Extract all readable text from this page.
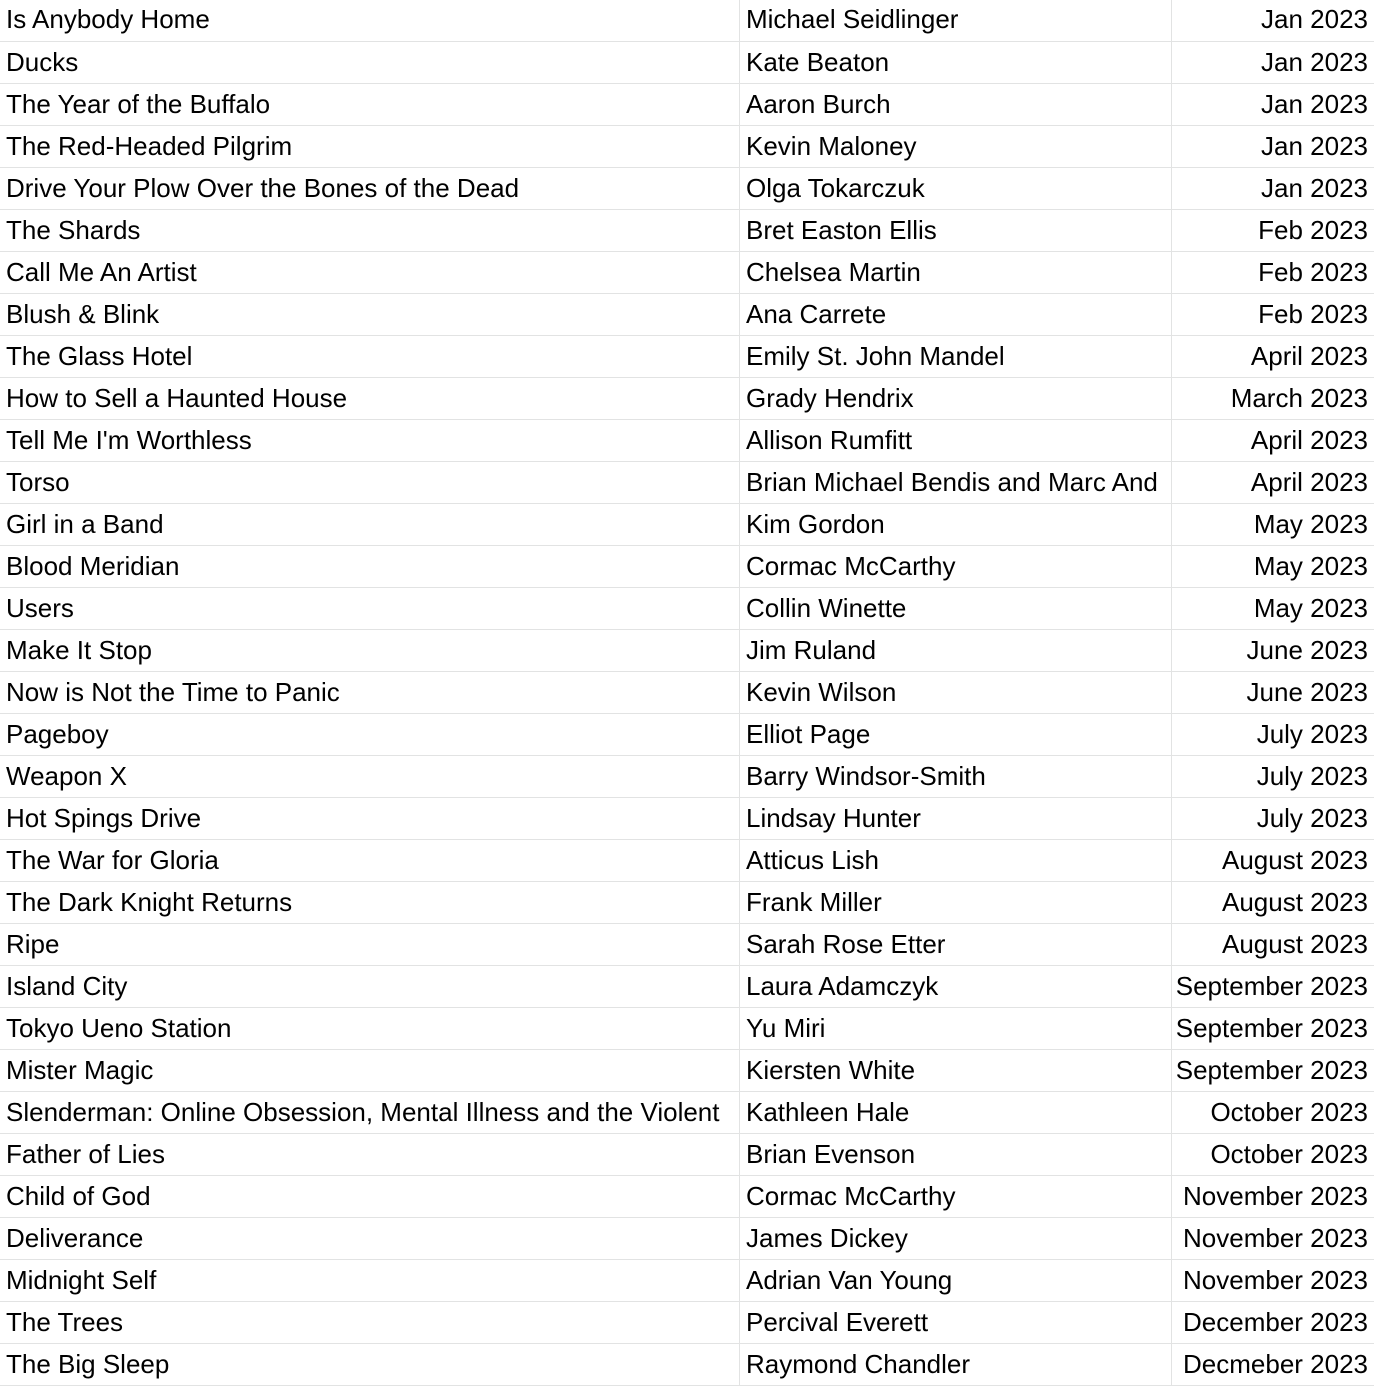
Is Anybody Home	Michael Seidlinger	Jan 2023
Ducks	Kate Beaton	Jan 2023
The Year of the Buffalo	Aaron Burch	Jan 2023
The Red-Headed Pilgrim	Kevin Maloney	Jan 2023
Drive Your Plow Over the Bones of the Dead	Olga Tokarczuk	Jan 2023
The Shards	Bret Easton Ellis	Feb 2023
Call Me An Artist	Chelsea Martin	Feb 2023
Blush & Blink	Ana Carrete	Feb 2023
The Glass Hotel	Emily St. John Mandel	April 2023
How to Sell a Haunted House	Grady Hendrix	March 2023
Tell Me I'm Worthless	Allison Rumfitt	April 2023
Torso	Brian Michael Bendis and Marc And	April 2023
Girl in a Band	Kim Gordon	May 2023
Blood Meridian	Cormac McCarthy	May 2023
Users	Collin Winette	May 2023
Make It Stop	Jim Ruland	June 2023
Now is Not the Time to Panic	Kevin Wilson	June 2023
Pageboy	Elliot Page	July 2023
Weapon X	Barry Windsor-Smith	July 2023
Hot Spings Drive	Lindsay Hunter	July 2023
The War for Gloria	Atticus Lish	August 2023
The Dark Knight Returns	Frank Miller	August 2023
Ripe	Sarah Rose Etter	August 2023
Island City	Laura Adamczyk	September 2023
Tokyo Ueno Station	Yu Miri	September 2023
Mister Magic	Kiersten White	September 2023
Slenderman: Online Obsession, Mental Illness and the Violent	Kathleen Hale	October 2023
Father of Lies	Brian Evenson	October 2023
Child of God	Cormac McCarthy	November 2023
Deliverance	James Dickey	November 2023
Midnight Self	Adrian Van Young	November 2023
The Trees	Percival Everett	December 2023
The Big Sleep	Raymond Chandler	Decmeber 2023
